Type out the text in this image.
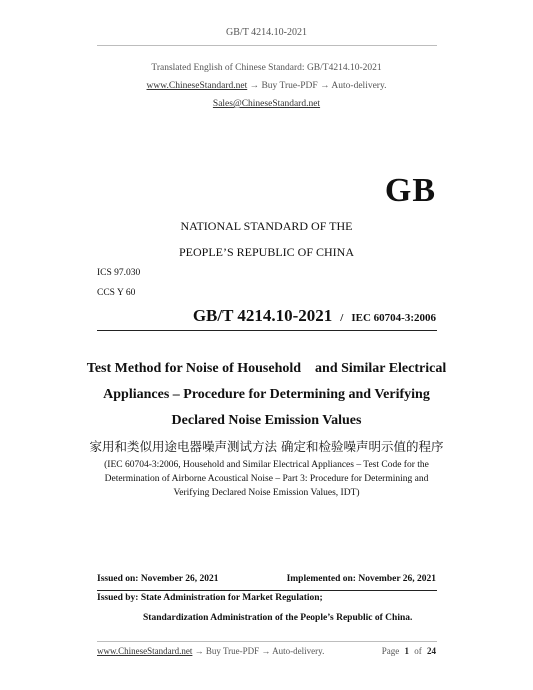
GB/T 4214.10-2021
Translated English of Chinese Standard: GB/T4214.10-2021
www.ChineseStandard.net → Buy True-PDF → Auto-delivery.
Sales@ChineseStandard.net
GB
NATIONAL STANDARD OF THE
PEOPLE’S REPUBLIC OF CHINA
ICS 97.030
CCS Y 60
GB/T 4214.10-2021 / IEC 60704-3:2006
Test Method for Noise of Household    and Similar Electrical
Appliances – Procedure for Determining and Verifying
Declared Noise Emission Values
家用和类似用途电器噪声测试方法 确定和检验噪声明示值的程序
(IEC 60704-3:2006, Household and Similar Electrical Appliances – Test Code for the
Determination of Airborne Acoustical Noise – Part 3: Procedure for Determining and
Verifying Declared Noise Emission Values, IDT)
Issued on: November 26, 2021	Implemented on: November 26, 2021
Issued by: State Administration for Market Regulation;
Standardization Administration of the People’s Republic of China.
www.ChineseStandard.net → Buy True-PDF → Auto-delivery.	Page 1 of 24
